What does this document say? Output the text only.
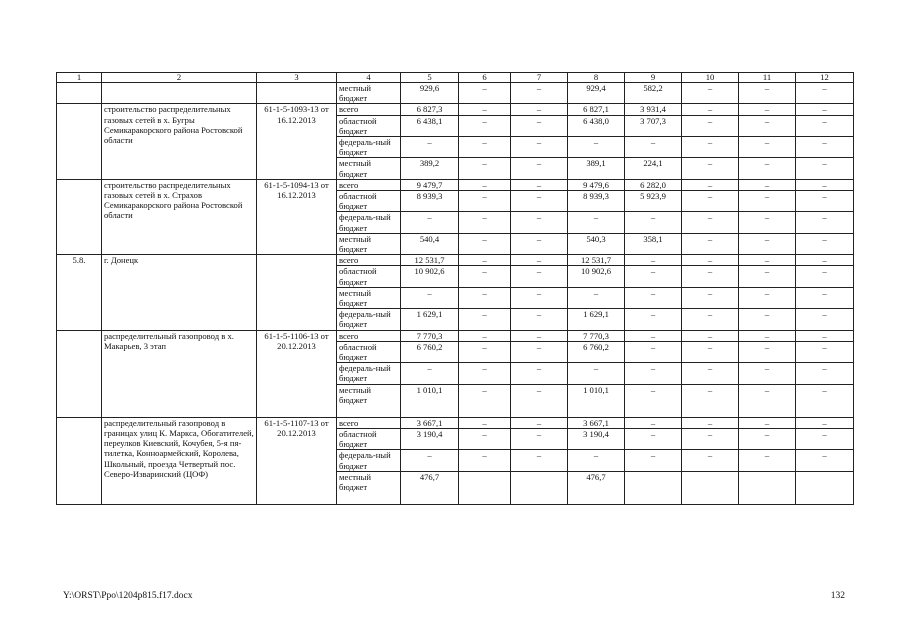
1	2	3	4	5	6	7	8	9	10	11	12
			местный бюджет	929,6	–	–	929,4	582,2	–	–	–
	строительство распределительных газовых сетей в х. Бугры Семикаракорского района Ростовской области	61-1-5-1093-13 от 16.12.2013	всего	6 827,3	–	–	6 827,1	3 931,4	–	–	–
			областной бюджет	6 438,1	–	–	6 438,0	3 707,3	–	–	–
			федераль-ный бюджет	–	–	–	–	–	–	–	–
			местный бюджет	389,2	–	–	389,1	224,1	–	–	–
	строительство распределительных газовых сетей в х. Страхов Семикаракорского района Ростовской области	61-1-5-1094-13 от 16.12.2013	всего	9 479,7	–	–	9 479,6	6 282,0	–	–	–
			областной бюджет	8 939,3	–	–	8 939,3	5 923,9	–	–	–
			федераль-ный бюджет	–	–	–	–	–	–	–	–
			местный бюджет	540,4	–	–	540,3	358,1	–	–	–
5.8.	г. Донецк		всего	12 531,7	–	–	12 531,7	–	–	–	–
			областной бюджет	10 902,6	–	–	10 902,6	–	–	–	–
			местный бюджет	–	–	–	–	–	–	–	–
			федераль-ный бюджет	1 629,1	–	–	1 629,1	–	–	–	–
	распределительный газопровод в х. Макарьев, 3 этап	61-1-5-1106-13 от 20.12.2013	всего	7 770,3	–	–	7 770,3	–	–	–	–
			областной бюджет	6 760,2	–	–	6 760,2	–	–	–	–
			федераль-ный бюджет	–	–	–	–	–	–	–	–
			местный бюджет	1 010,1	–	–	1 010,1	–	–	–	–
	распределительный газопровод в границах улиц К. Маркса, Обогатителей, переулков Киевский, Кочубея, 5-я пя-тилетка, Коннoармейский, Королева, Школьный, проезда Четвертый пос. Северо-Изваринский (ЦОФ)	61-1-5-1107-13 от 20.12.2013	всего	3 667,1	–	–	3 667,1	–	–	–	–
			областной бюджет	3 190,4	–	–	3 190,4	–	–	–	–
			федераль-ный бюджет	–	–	–	–	–	–	–	–
			местный бюджет	476,7			476,7				
Y:\ORST\Ppo\1204p815.f17.docx	132
